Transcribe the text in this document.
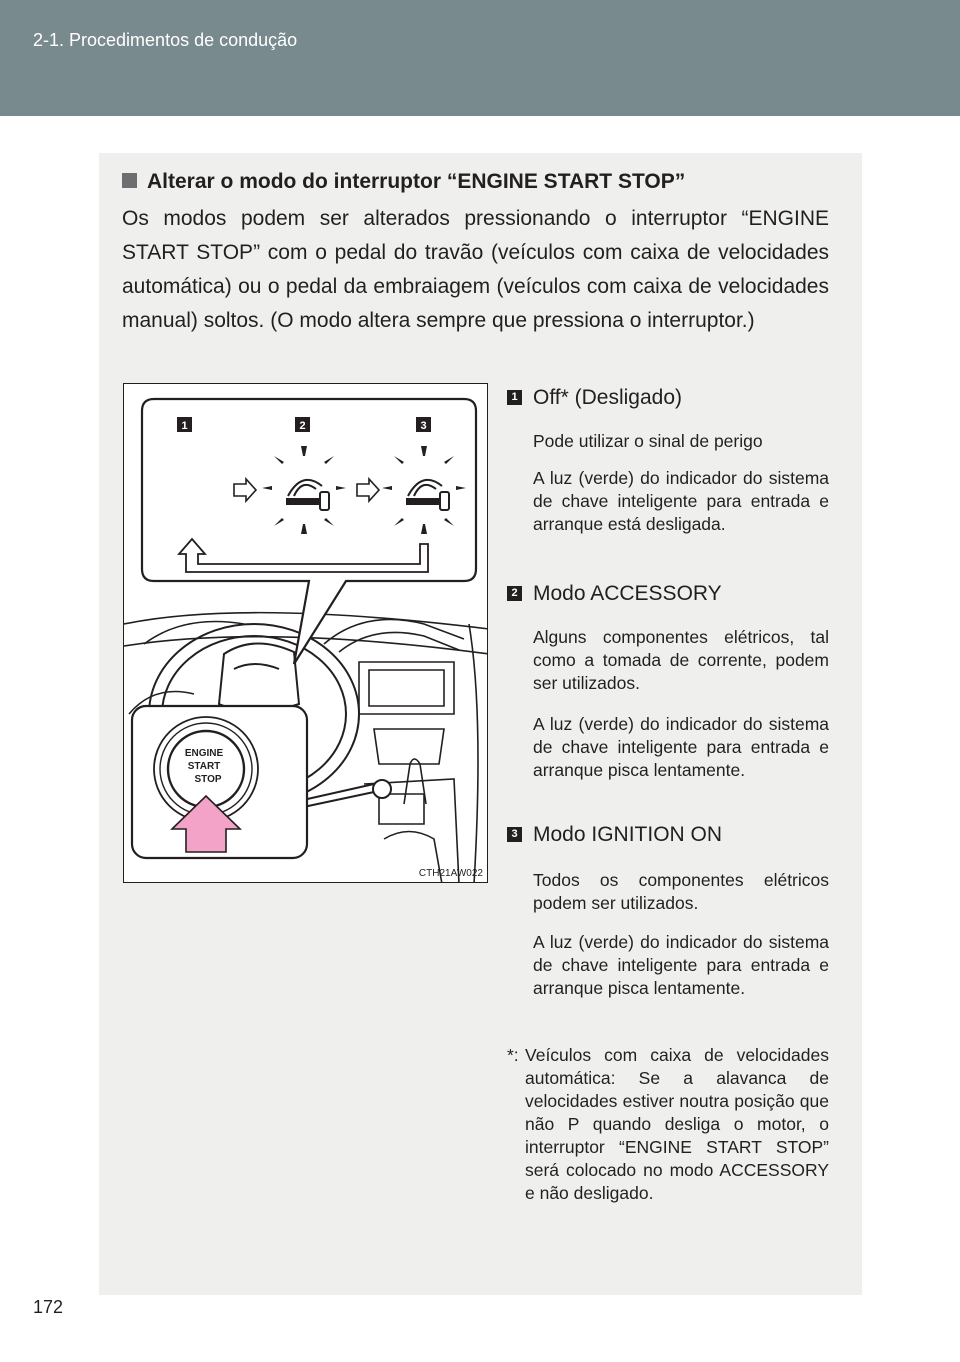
2-1. Procedimentos de condução
Alterar o modo do interruptor “ENGINE START STOP”

Os modos podem ser alterados pressionando o interruptor “ENGINE START STOP” com o pedal do travão (veículos com caixa de velocidades automática) ou o pedal da embraiagem (veículos com caixa de velocidades manual) soltos. (O modo altera sempre que pressiona o interruptor.)

1	2	3
ENGINE
START
STOP
CTH21AW022
1Off* (Desligado)

Pode utilizar o sinal de perigo

A luz (verde) do indicador do sistema de chave inteligente para entrada e arranque está desligada.

2Modo ACCESSORY

Alguns componentes elétricos, tal como a tomada de corrente, podem ser utilizados.

A luz (verde) do indicador do sistema de chave inteligente para entrada e arranque pisca lentamente.

3Modo IGNITION ON

Todos os componentes elétricos podem ser utilizados.

A luz (verde) do indicador do sistema de chave inteligente para entrada e arranque pisca lentamente.

*: Veículos com caixa de velocidades automática: Se a alavanca de velocidades estiver noutra posição que não P quando desliga o motor, o interruptor “ENGINE START STOP” será colocado no modo ACCESSORY e não desligado.
172
